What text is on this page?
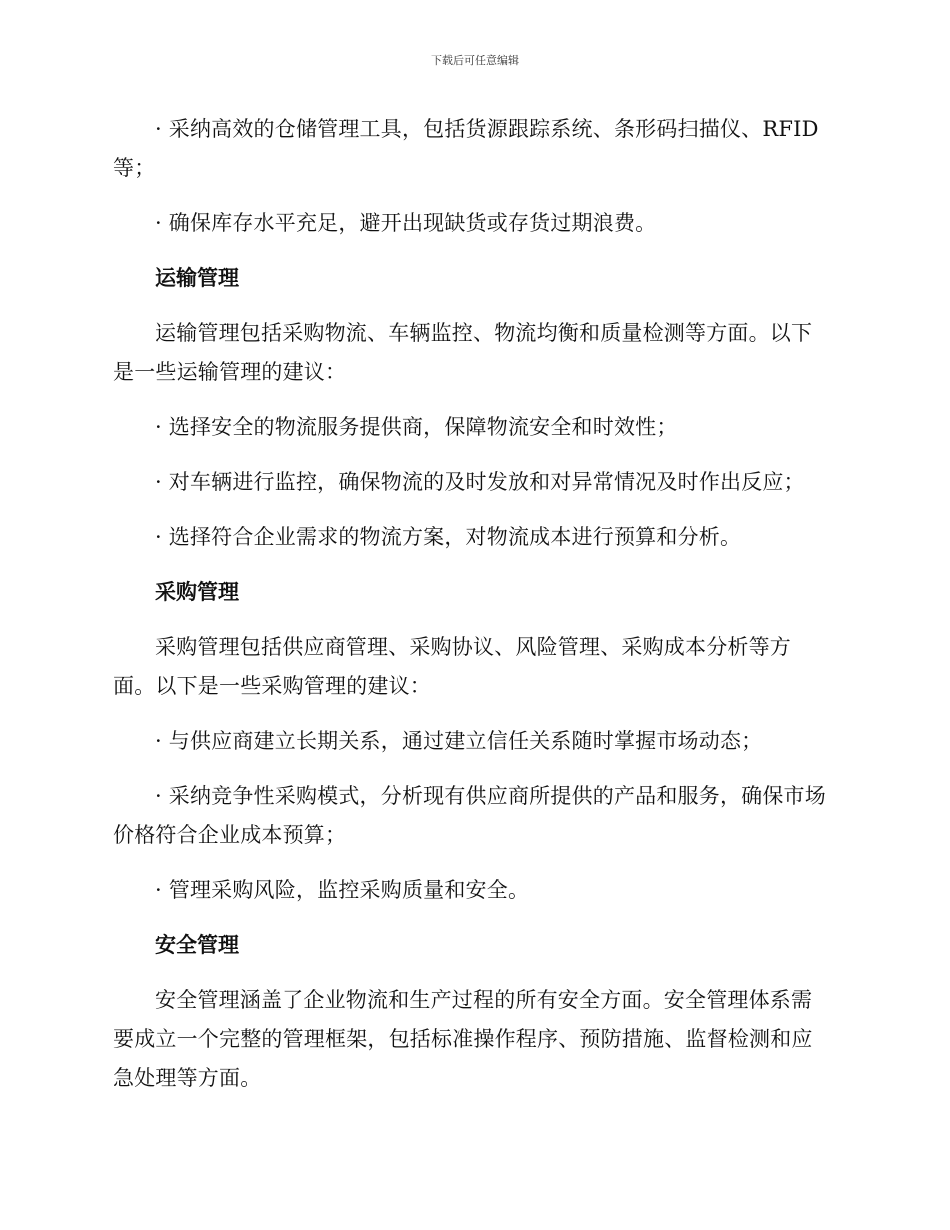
下载后可任意编辑

· 采纳高效的仓储管理工具，包括货源跟踪系统、条形码扫描仪、RFID等；

· 确保库存水平充足，避开出现缺货或存货过期浪费。

运输管理

运输管理包括采购物流、车辆监控、物流均衡和质量检测等方面。以下是一些运输管理的建议：

· 选择安全的物流服务提供商，保障物流安全和时效性；

· 对车辆进行监控，确保物流的及时发放和对异常情况及时作出反应；

· 选择符合企业需求的物流方案，对物流成本进行预算和分析。

采购管理

采购管理包括供应商管理、采购协议、风险管理、采购成本分析等方面。以下是一些采购管理的建议：

· 与供应商建立长期关系，通过建立信任关系随时掌握市场动态；

· 采纳竞争性采购模式，分析现有供应商所提供的产品和服务，确保市场价格符合企业成本预算；

· 管理采购风险，监控采购质量和安全。

安全管理

安全管理涵盖了企业物流和生产过程的所有安全方面。安全管理体系需要成立一个完整的管理框架，包括标准操作程序、预防措施、监督检测和应急处理等方面。
